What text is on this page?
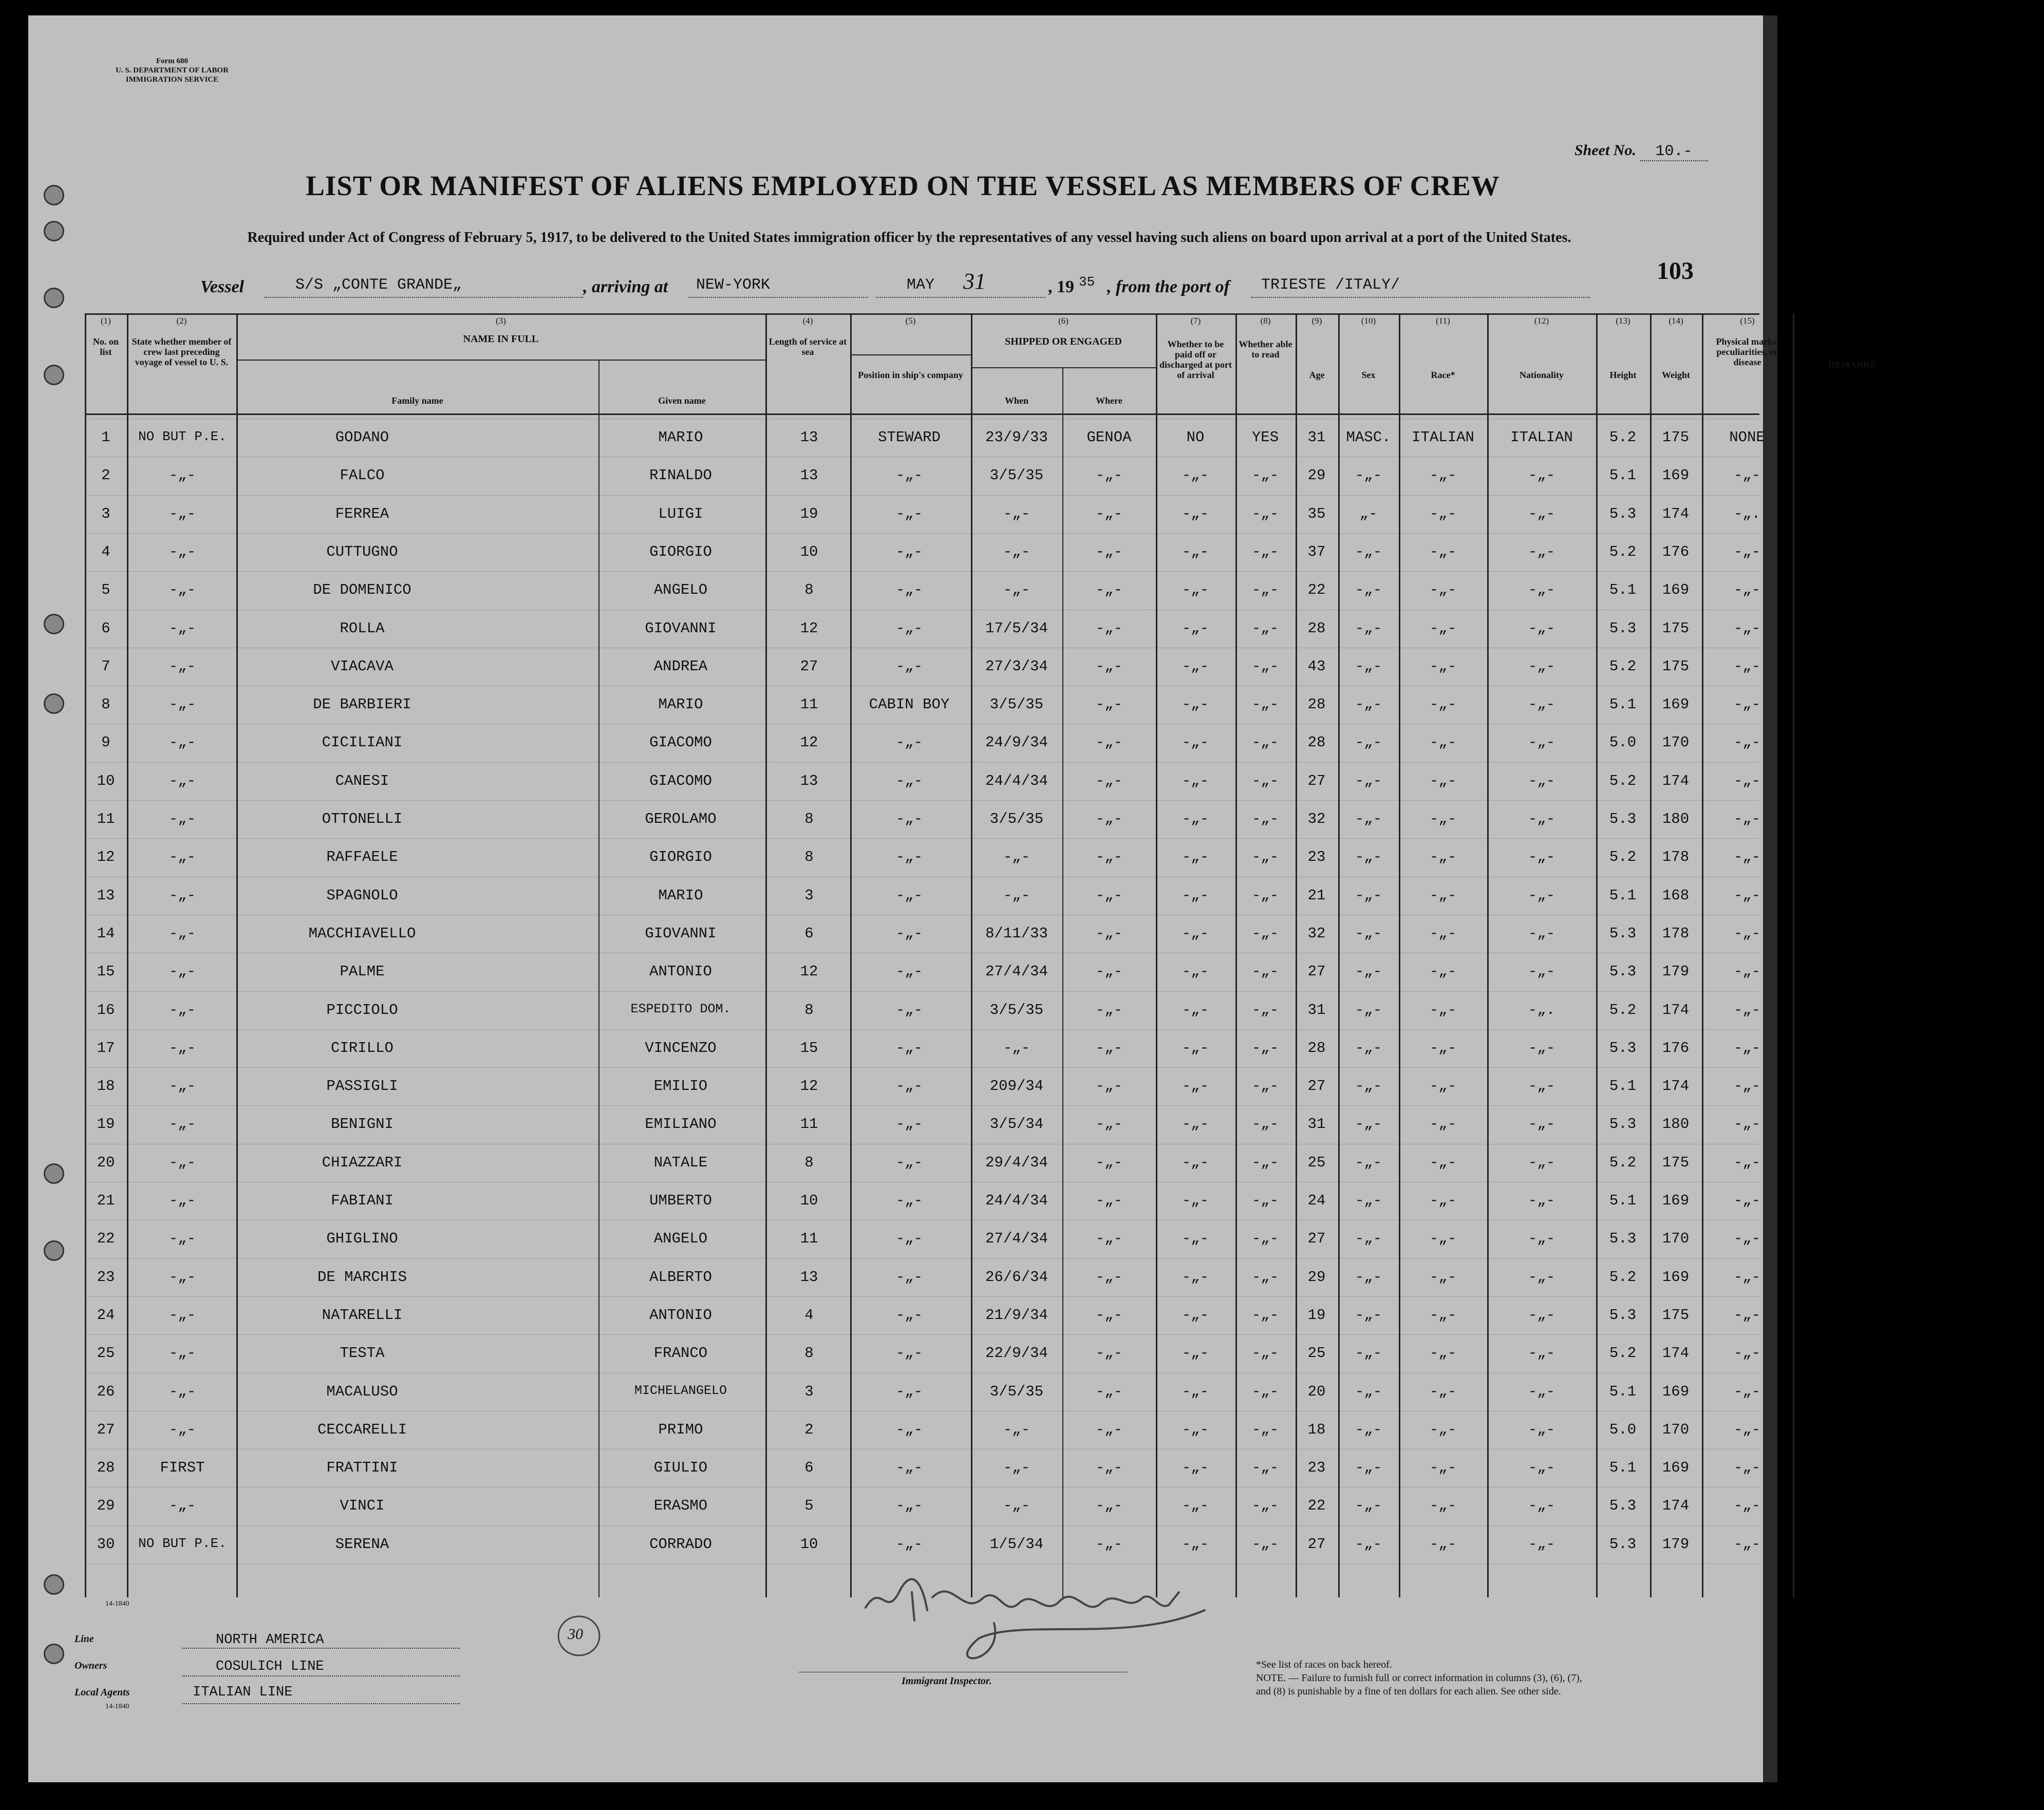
Form 680
U. S. DEPARTMENT OF LABOR
IMMIGRATION SERVICE
Sheet No. 10.-
LIST OR MANIFEST OF ALIENS EMPLOYED ON THE VESSEL AS MEMBERS OF CREW
Required under Act of Congress of February 5, 1917, to be delivered to the United States immigration officer by the representatives of any vessel having such aliens on board upon arrival at a port of the United States.
103
Vessel	S/S „CONTE GRANDE„	, arriving at NEW-YORK	MAY 31	, 19 35 , from the port of TRIESTE /ITALY/
(1)
No. on list
(2)
State whether member of crew last preceding voyage of vessel to U. S.
(3)
NAME IN FULL
Family name	Given name
(4)
Length of service at sea
(5)
Position in ship's company
(6)
SHIPPED OR ENGAGED
When	Where
(7)
Whether to be paid off or discharged at port of arrival
(8)
Whether able to read
(9)
Age
(10)
Sex
(11)
Race*
(12)
Nationality
(13)
Height
(14)
Weight
(15)
Physical marks, peculiarities, or disease	REMARKS
1	NO BUT P.E.	GODANO	MARIO	13	STEWARD	23/9/33	GENOA	NO	YES	31	MASC.	ITALIAN	ITALIAN	5.2	175	NONE
2	-„-	FALCO	RINALDO	13	-„-	3/5/35	-„-	-„-	-„-	29	-„-	-„-	-„-	5.1	169	-„-
3	-„-	FERREA	LUIGI	19	-„-	-„-	-„-	-„-	-„-	35	„-	-„-	-„-	5.3	174	-„.
4	-„-	CUTTUGNO	GIORGIO	10	-„-	-„-	-„-	-„-	-„-	37	-„-	-„-	-„-	5.2	176	-„-
5	-„-	DE DOMENICO	ANGELO	8	-„-	-„-	-„-	-„-	-„-	22	-„-	-„-	-„-	5.1	169	-„-
6	-„-	ROLLA	GIOVANNI	12	-„-	17/5/34	-„-	-„-	-„-	28	-„-	-„-	-„-	5.3	175	-„-
7	-„-	VIACAVA	ANDREA	27	-„-	27/3/34	-„-	-„-	-„-	43	-„-	-„-	-„-	5.2	175	-„-
8	-„-	DE BARBIERI	MARIO	11	CABIN BOY	3/5/35	-„-	-„-	-„-	28	-„-	-„-	-„-	5.1	169	-„-
9	-„-	CICILIANI	GIACOMO	12	-„-	24/9/34	-„-	-„-	-„-	28	-„-	-„-	-„-	5.0	170	-„-
10	-„-	CANESI	GIACOMO	13	-„-	24/4/34	-„-	-„-	-„-	27	-„-	-„-	-„-	5.2	174	-„-
11	-„-	OTTONELLI	GEROLAMO	8	-„-	3/5/35	-„-	-„-	-„-	32	-„-	-„-	-„-	5.3	180	-„-
12	-„-	RAFFAELE	GIORGIO	8	-„-	-„-	-„-	-„-	-„-	23	-„-	-„-	-„-	5.2	178	-„-
13	-„-	SPAGNOLO	MARIO	3	-„-	-„-	-„-	-„-	-„-	21	-„-	-„-	-„-	5.1	168	-„-
14	-„-	MACCHIAVELLO	GIOVANNI	6	-„-	8/11/33	-„-	-„-	-„-	32	-„-	-„-	-„-	5.3	178	-„-
15	-„-	PALME	ANTONIO	12	-„-	27/4/34	-„-	-„-	-„-	27	-„-	-„-	-„-	5.3	179	-„-
16	-„-	PICCIOLO	ESPEDITO DOM.	8	-„-	3/5/35	-„-	-„-	-„-	31	-„-	-„-	-„.	5.2	174	-„-
17	-„-	CIRILLO	VINCENZO	15	-„-	-„-	-„-	-„-	-„-	28	-„-	-„-	-„-	5.3	176	-„-
18	-„-	PASSIGLI	EMILIO	12	-„-	209/34	-„-	-„-	-„-	27	-„-	-„-	-„-	5.1	174	-„-
19	-„-	BENIGNI	EMILIANO	11	-„-	3/5/34	-„-	-„-	-„-	31	-„-	-„-	-„-	5.3	180	-„-
20	-„-	CHIAZZARI	NATALE	8	-„-	29/4/34	-„-	-„-	-„-	25	-„-	-„-	-„-	5.2	175	-„-
21	-„-	FABIANI	UMBERTO	10	-„-	24/4/34	-„-	-„-	-„-	24	-„-	-„-	-„-	5.1	169	-„-
22	-„-	GHIGLINO	ANGELO	11	-„-	27/4/34	-„-	-„-	-„-	27	-„-	-„-	-„-	5.3	170	-„-
23	-„-	DE MARCHIS	ALBERTO	13	-„-	26/6/34	-„-	-„-	-„-	29	-„-	-„-	-„-	5.2	169	-„-
24	-„-	NATARELLI	ANTONIO	4	-„-	21/9/34	-„-	-„-	-„-	19	-„-	-„-	-„-	5.3	175	-„-
25	-„-	TESTA	FRANCO	8	-„-	22/9/34	-„-	-„-	-„-	25	-„-	-„-	-„-	5.2	174	-„-
26	-„-	MACALUSO	MICHELANGELO	3	-„-	3/5/35	-„-	-„-	-„-	20	-„-	-„-	-„-	5.1	169	-„-
27	-„-	CECCARELLI	PRIMO	2	-„-	-„-	-„-	-„-	-„-	18	-„-	-„-	-„-	5.0	170	-„-
28	FIRST	FRATTINI	GIULIO	6	-„-	-„-	-„-	-„-	-„-	23	-„-	-„-	-„-	5.1	169	-„-
29	-„-	VINCI	ERASMO	5	-„-	-„-	-„-	-„-	-„-	22	-„-	-„-	-„-	5.3	174	-„-
30	NO BUT P.E.	SERENA	CORRADO	10	-„-	1/5/34	-„-	-„-	-„-	27	-„-	-„-	-„-	5.3	179	-„-
30
14-1840
14-1840
Line	NORTH AMERICA
Owners	COSULICH LINE
Local Agents	ITALIAN LINE
Immigrant Inspector.
*See list of races on back hereof.
NOTE. — Failure to furnish full or correct information in columns (3), (6), (7),
and (8) is punishable by a fine of ten dollars for each alien. See other side.
